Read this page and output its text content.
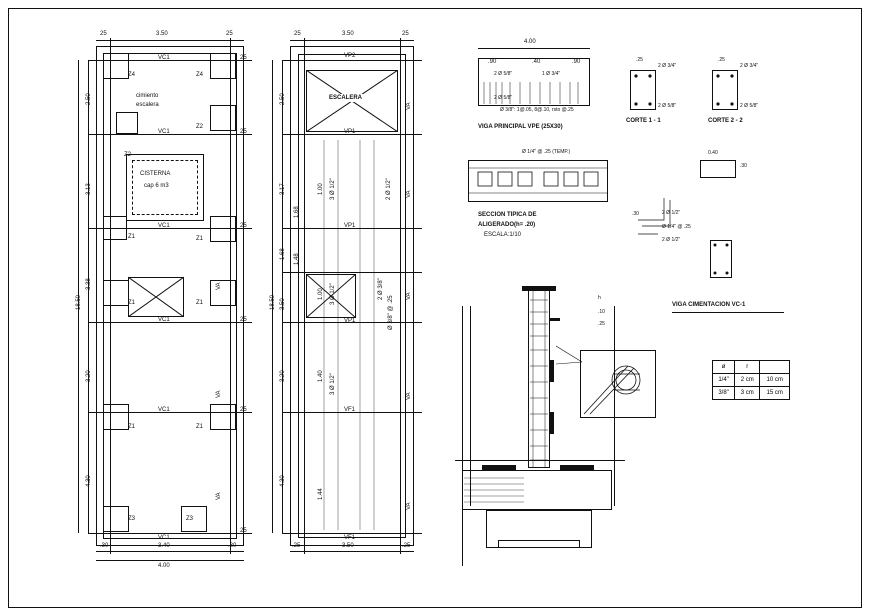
25	3.50	25
.30	3.40	.30
4.00
2.50
3.13
3.38
3.20
4.30
18.50
25
25
25
25
25
25
Z4	Z4
Z2
Z2
cimiento
escalera
CISTERNA
cap 6 m3
Z1	Z1
Z1	Z1
Z1	Z1
Z3	Z3
VC1
VC1
VC1
VC1
VC1
VC1
VA
VA
VA
25	3.50	25
.25	3.50	.25
2.50
3.17
1.68
3.50
3.20
4.30
18.50
ESCALERA
VP2
VP1
VP1
VP1
VF1
VF1
VA
VA
VA
VA
VA
1.00 3 Ø 1/2"
1.00 3 Ø 1/2"
1.40 3 Ø 1/2"
1.44
1.68
2 Ø 1/2"
2 Ø 3/8"
Ø 3/8" @ .25
1.48
4.00
.90	.40	.90
2 Ø 5/8"	1 Ø 3/4"
2 Ø 5/8"
Ø 3/8": 1@.05, 8@.10, rsto @.25
VIGA PRINCIPAL VPE (25X30)
2 Ø 3/4"
2 Ø 5/8"
.25
CORTE 1 - 1
2 Ø 3/4"
2 Ø 5/8"
.25
CORTE 2 - 2
Ø 1/4" @ .25 (TEMP.)
SECCION TIPICA DE
ALIGERADO(h= .20)
ESCALA:1/10
0.40
.30
2 Ø 1/2"
Ø 1/4" @ .25
2 Ø 1/2"
VIGA CIMENTACION VC-1
h
.10
.25
ø	r	
1/4"	2 cm	10 cm
3/8"	3 cm	15 cm
.30
